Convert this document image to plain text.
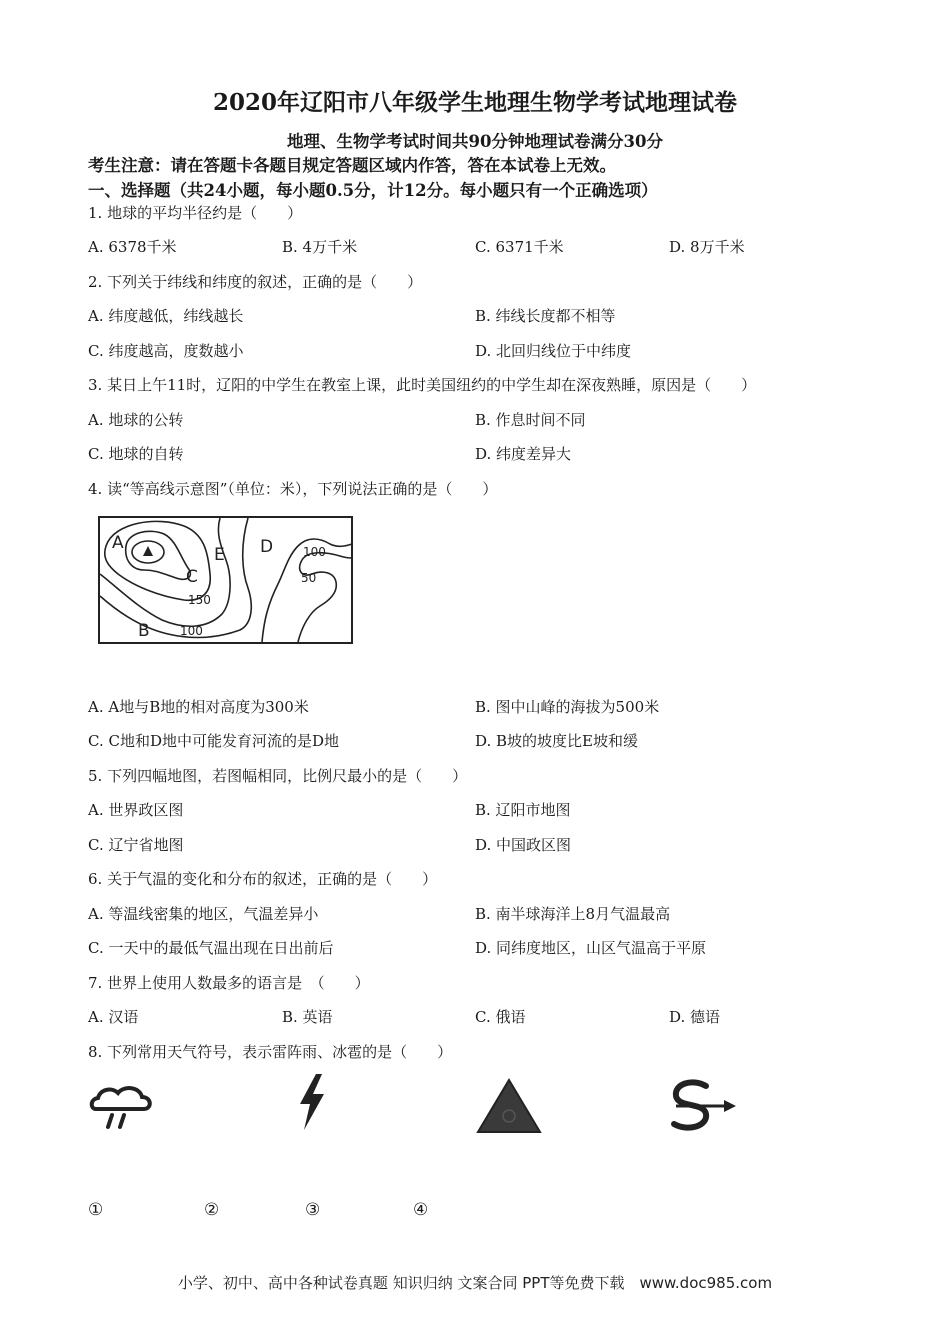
2020年辽阳市八年级学生地理生物学考试地理试卷
地理、生物学考试时间共90分钟地理试卷满分30分
考生注意：请在答题卡各题目规定答题区域内作答，答在本试卷上无效。
一、选择题（共24小题，每小题0.5分，计12分。每小题只有一个正确选项）
1. 地球的平均半径约是（　　）
A. 6378千米	B. 4万千米	C. 6371千米	D. 8万千米
2. 下列关于纬线和纬度的叙述，正确的是（　　）
A. 纬度越低，纬线越长	B. 纬线长度都不相等
C. 纬度越高，度数越小	D. 北回归线位于中纬度
3. 某日上午11时，辽阳的中学生在教室上课，此时美国纽约的中学生却在深夜熟睡，原因是（　　）
A. 地球的公转	B. 作息时间不同
C. 地球的自转	D. 纬度差异大
4. 读“等高线示意图”（单位：米），下列说法正确的是（　　）
A
E D
C
B
100
50
150
100
A. A地与B地的相对高度为300米	B. 图中山峰的海拔为500米
C. C地和D地中可能发育河流的是D地	D. B坡的坡度比E坡和缓
5. 下列四幅地图，若图幅相同，比例尺最小的是（　　）
A. 世界政区图	B. 辽阳市地图
C. 辽宁省地图	D. 中国政区图
6. 关于气温的变化和分布的叙述，正确的是（　　）
A. 等温线密集的地区，气温差异小	B. 南半球海洋上8月气温最高
C. 一天中的最低气温出现在日出前后	D. 同纬度地区，山区气温高于平原
7. 世界上使用人数最多的语言是　（　　）
A. 汉语	B. 英语	C. 俄语	D. 德语
8. 下列常用天气符号，表示雷阵雨、冰雹的是（　　）
①	②	③	④
小学、初中、高中各种试卷真题 知识归纳 文案合同 PPT等免费下载　www.doc985.com
